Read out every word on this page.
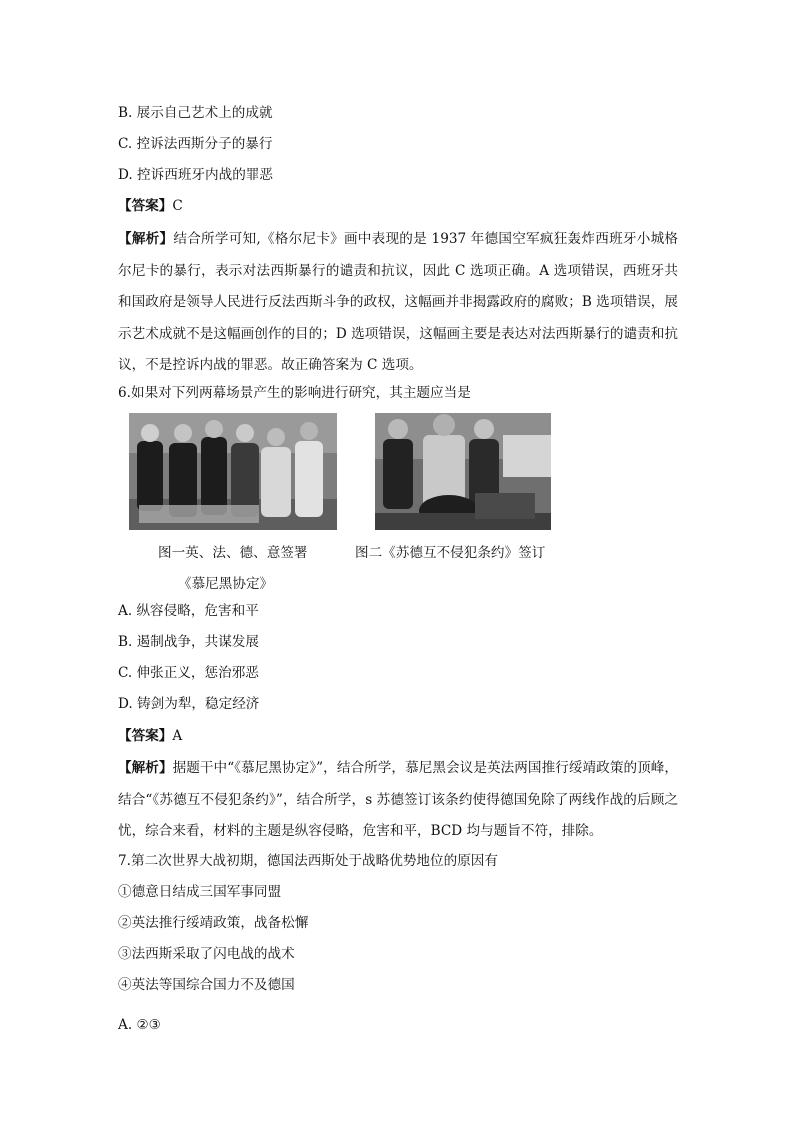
B. 展示自己艺术上的成就
C. 控诉法西斯分子的暴行
D. 控诉西班牙内战的罪恶
【答案】C
【解析】结合所学可知,《格尔尼卡》画中表现的是 1937 年德国空军疯狂轰炸西班牙小城格尔尼卡的暴行，表示对法西斯暴行的谴责和抗议，因此 C 选项正确。A 选项错误，西班牙共和国政府是领导人民进行反法西斯斗争的政权，这幅画并非揭露政府的腐败；B 选项错误，展示艺术成就不是这幅画创作的目的；D 选项错误，这幅画主要是表达对法西斯暴行的谴责和抗议，不是控诉内战的罪恶。故正确答案为 C 选项。
6.如果对下列两幕场景产生的影响进行研究，其主题应当是
图一英、法、德、意签署
《慕尼黑协定》
图二《苏德互不侵犯条约》签订
A. 纵容侵略，危害和平
B. 遏制战争，共谋发展
C. 伸张正义，惩治邪恶
D. 铸剑为犁，稳定经济
【答案】A
【解析】据题干中“《慕尼黑协定》”，结合所学，慕尼黑会议是英法两国推行绥靖政策的顶峰，结合“《苏德互不侵犯条约》”，结合所学，s 苏德签订该条约使得德国免除了两线作战的后顾之忧，综合来看，材料的主题是纵容侵略，危害和平，BCD 均与题旨不符，排除。
7.第二次世界大战初期，德国法西斯处于战略优势地位的原因有
①德意日结成三国军事同盟
②英法推行绥靖政策，战备松懈
③法西斯采取了闪电战的战术
④英法等国综合国力不及德国
A. ②③
